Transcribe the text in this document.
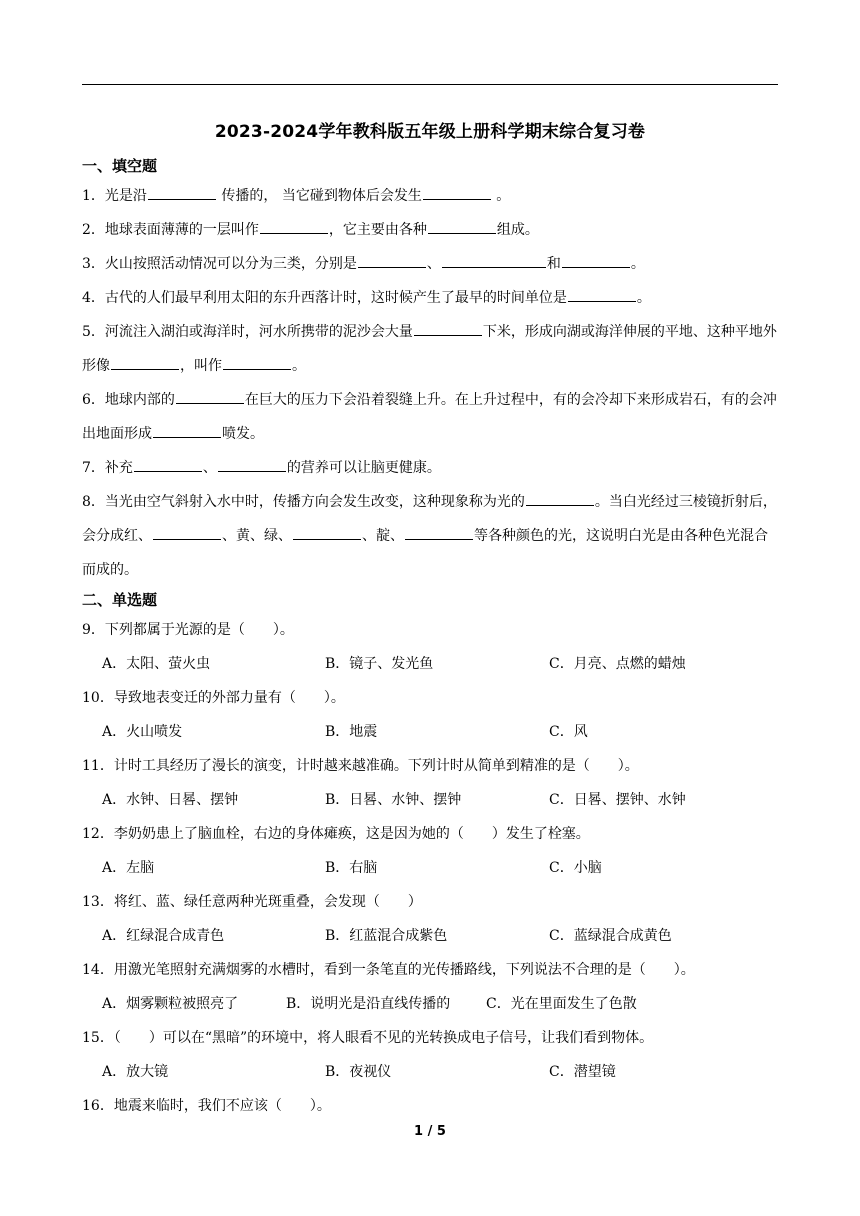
2023-2024学年教科版五年级上册科学期末综合复习卷
一、填空题
1．光是沿	传播的， 当它碰到物体后会发生	。
2．地球表面薄薄的一层叫作	，它主要由各种	组成。
3．火山按照活动情况可以分为三类，分别是	、	和	。
4．古代的人们最早利用太阳的东升西落计时，这时候产生了最早的时间单位是	。
5．河流注入湖泊或海洋时，河水所携带的泥沙会大量	下米，形成向湖或海洋伸展的平地、这种平地外形像	，叫作	。
6．地球内部的	在巨大的压力下会沿着裂缝上升。在上升过程中，有的会冷却下来形成岩石，有的会冲出地面形成	喷发。
7．补充	、	的营养可以让脑更健康。
8．当光由空气斜射入水中时，传播方向会发生改变，这种现象称为光的	。当白光经过三棱镜折射后，会分成红、	、黄、绿、	、靛、	等各种颜色的光，这说明白光是由各种色光混合而成的。
二、单选题
9．下列都属于光源的是（　　）。
A．太阳、萤火虫	B．镜子、发光鱼	C．月亮、点燃的蜡烛
10．导致地表变迁的外部力量有（　　）。
A．火山喷发	B．地震	C．风
11．计时工具经历了漫长的演变，计时越来越准确。下列计时从简单到精准的是（　　）。
A．水钟、日晷、摆钟	B．日晷、水钟、摆钟	C．日晷、摆钟、水钟
12．李奶奶患上了脑血栓，右边的身体瘫痪，这是因为她的（　　）发生了栓塞。
A．左脑	B．右脑	C．小脑
13．将红、蓝、绿任意两种光斑重叠，会发现（　　）
A．红绿混合成青色	B．红蓝混合成紫色	C．蓝绿混合成黄色
14．用激光笔照射充满烟雾的水槽时，看到一条笔直的光传播路线，下列说法不合理的是（　　）。
A．烟雾颗粒被照亮了	B．说明光是沿直线传播的	C．光在里面发生了色散
15．（　　）可以在“黑暗”的环境中，将人眼看不见的光转换成电子信号，让我们看到物体。
A．放大镜	B．夜视仪	C．潜望镜
16．地震来临时，我们不应该（　　）。
1 / 5
